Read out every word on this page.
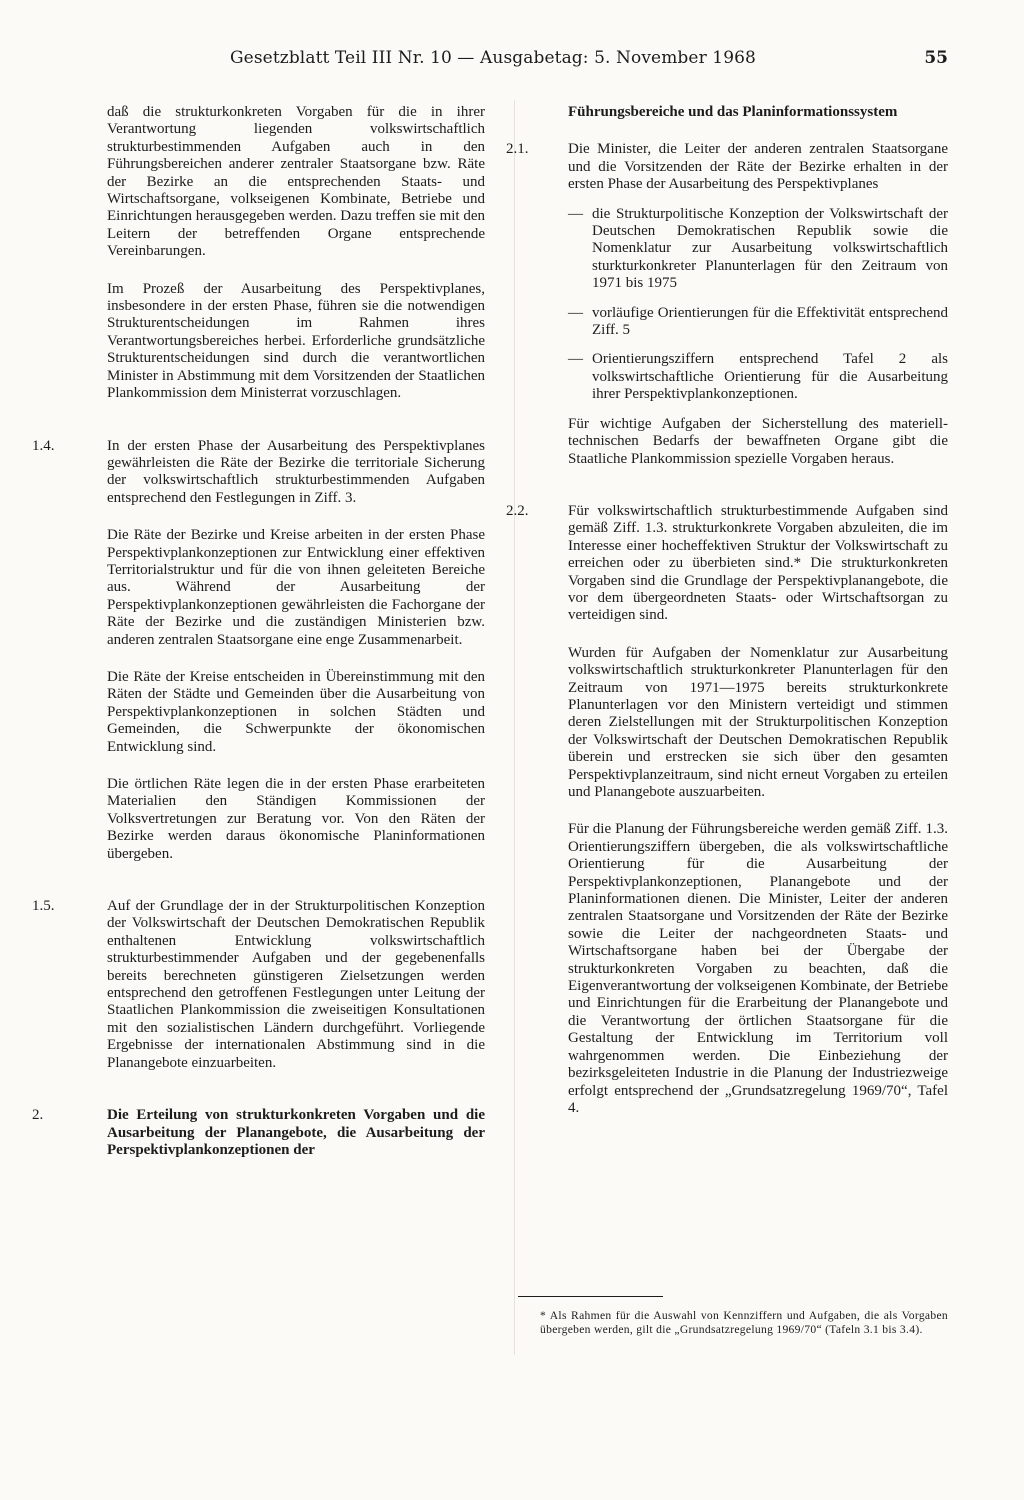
Gesetzblatt Teil III Nr. 10 — Ausgabetag: 5. November 1968	55

daß die strukturkonkreten Vorgaben für die in ihrer Verantwortung liegenden volkswirtschaftlich strukturbestimmenden Aufgaben auch in den Führungsbereichen anderer zentraler Staatsorgane bzw. Räte der Bezirke an die entsprechenden Staats- und Wirtschaftsorgane, volkseigenen Kombinate, Betriebe und Einrichtungen herausgegeben werden. Dazu treffen sie mit den Leitern der betreffenden Organe entsprechende Vereinbarungen.

Im Prozeß der Ausarbeitung des Perspektivplanes, insbesondere in der ersten Phase, führen sie die notwendigen Strukturentscheidungen im Rahmen ihres Verantwortungsbereiches herbei. Erforderliche grundsätzliche Strukturentscheidungen sind durch die verantwortlichen Minister in Abstimmung mit dem Vorsitzenden der Staatlichen Plankommission dem Ministerrat vorzuschlagen.

1.4.	In der ersten Phase der Ausarbeitung des Perspektivplanes gewährleisten die Räte der Bezirke die territoriale Sicherung der volkswirtschaftlich strukturbestimmenden Aufgaben entsprechend den Festlegungen in Ziff. 3.

Die Räte der Bezirke und Kreise arbeiten in der ersten Phase Perspektivplankonzeptionen zur Entwicklung einer effektiven Territorialstruktur und für die von ihnen geleiteten Bereiche aus. Während der Ausarbeitung der Perspektivplankonzeptionen gewährleisten die Fachorgane der Räte der Bezirke und die zuständigen Ministerien bzw. anderen zentralen Staatsorgane eine enge Zusammenarbeit.

Die Räte der Kreise entscheiden in Übereinstimmung mit den Räten der Städte und Gemeinden über die Ausarbeitung von Perspektivplankonzeptionen in solchen Städten und Gemeinden, die Schwerpunkte der ökonomischen Entwicklung sind.

Die örtlichen Räte legen die in der ersten Phase erarbeiteten Materialien den Ständigen Kommissionen der Volksvertretungen zur Beratung vor. Von den Räten der Bezirke werden daraus ökonomische Planinformationen übergeben.

1.5.	Auf der Grundlage der in der Strukturpolitischen Konzeption der Volkswirtschaft der Deutschen Demokratischen Republik enthaltenen Entwicklung volkswirtschaftlich strukturbestimmender Aufgaben und der gegebenenfalls bereits berechneten günstigeren Zielsetzungen werden entsprechend den getroffenen Festlegungen unter Leitung der Staatlichen Plankommission die zweiseitigen Konsultationen mit den sozialistischen Ländern durchgeführt. Vorliegende Ergebnisse der internationalen Abstimmung sind in die Planangebote einzuarbeiten.

2.	Die Erteilung von strukturkonkreten Vorgaben und die Ausarbeitung der Planangebote, die Ausarbeitung der Perspektivplankonzeptionen der

Führungsbereiche und das Planinformationssystem

2.1.	Die Minister, die Leiter der anderen zentralen Staatsorgane und die Vorsitzenden der Räte der Bezirke erhalten in der ersten Phase der Ausarbeitung des Perspektivplanes

— die Strukturpolitische Konzeption der Volkswirtschaft der Deutschen Demokratischen Republik sowie die Nomenklatur zur Ausarbeitung volkswirtschaftlich sturkturkonkreter Planunterlagen für den Zeitraum von 1971 bis 1975
— vorläufige Orientierungen für die Effektivität entsprechend Ziff. 5
— Orientierungsziffern entsprechend Tafel 2 als volkswirtschaftliche Orientierung für die Ausarbeitung ihrer Perspektivplankonzeptionen.

Für wichtige Aufgaben der Sicherstellung des materiell-technischen Bedarfs der bewaffneten Organe gibt die Staatliche Plankommission spezielle Vorgaben heraus.

2.2.	Für volkswirtschaftlich strukturbestimmende Aufgaben sind gemäß Ziff. 1.3. strukturkonkrete Vorgaben abzuleiten, die im Interesse einer hocheffektiven Struktur der Volkswirtschaft zu erreichen oder zu überbieten sind.* Die strukturkonkreten Vorgaben sind die Grundlage der Perspektivplanangebote, die vor dem übergeordneten Staats- oder Wirtschaftsorgan zu verteidigen sind.

Wurden für Aufgaben der Nomenklatur zur Ausarbeitung volkswirtschaftlich strukturkonkreter Planunterlagen für den Zeitraum von 1971—1975 bereits strukturkonkrete Planunterlagen vor den Ministern verteidigt und stimmen deren Zielstellungen mit der Strukturpolitischen Konzeption der Volkswirtschaft der Deutschen Demokratischen Republik überein und erstrecken sie sich über den gesamten Perspektivplanzeitraum, sind nicht erneut Vorgaben zu erteilen und Planangebote auszuarbeiten.

Für die Planung der Führungsbereiche werden gemäß Ziff. 1.3. Orientierungsziffern übergeben, die als volkswirtschaftliche Orientierung für die Ausarbeitung der Perspektivplankonzeptionen, Planangebote und der Planinformationen dienen. Die Minister, Leiter der anderen zentralen Staatsorgane und Vorsitzenden der Räte der Bezirke sowie die Leiter der nachgeordneten Staats- und Wirtschaftsorgane haben bei der Übergabe der strukturkonkreten Vorgaben zu beachten, daß die Eigenverantwortung der volkseigenen Kombinate, der Betriebe und Einrichtungen für die Erarbeitung der Planangebote und die Verantwortung der örtlichen Staatsorgane für die Gestaltung der Entwicklung im Territorium voll wahrgenommen werden. Die Einbeziehung der bezirksgeleiteten Industrie in die Planung der Industriezweige erfolgt entsprechend der „Grundsatzregelung 1969/70“, Tafel 4.

* Als Rahmen für die Auswahl von Kennziffern und Aufgaben, die als Vorgaben übergeben werden, gilt die „Grundsatzregelung 1969/70“ (Tafeln 3.1 bis 3.4).
